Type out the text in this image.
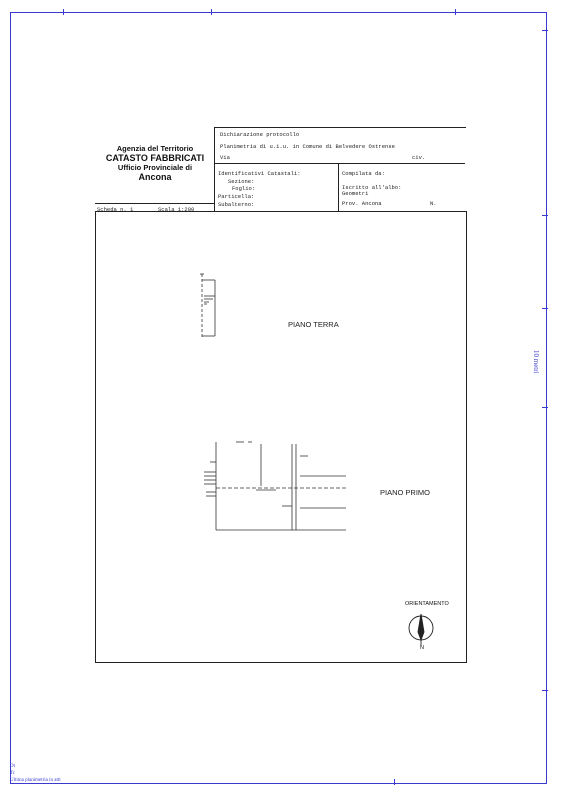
10 metri
Agenzia del Territorio
CATASTO FABBRICATI
Ufficio Provinciale di
Ancona
Dichiarazione protocollo
Planimetria di u.i.u. in Comune di Belvedere Ostrense
Via	civ.
Identificativi Catastali:
Sezione:
Foglio:
Particella:
Subalterno:
Compilata da:
Iscritto all'albo:
Geometri
Prov. Ancona	N.
Scheda n. 1	Scala 1:200
PIANO TERRA
PIANO PRIMO
ORIENTAMENTO
N
Dt
Tc
Ultima planimetria in atti
